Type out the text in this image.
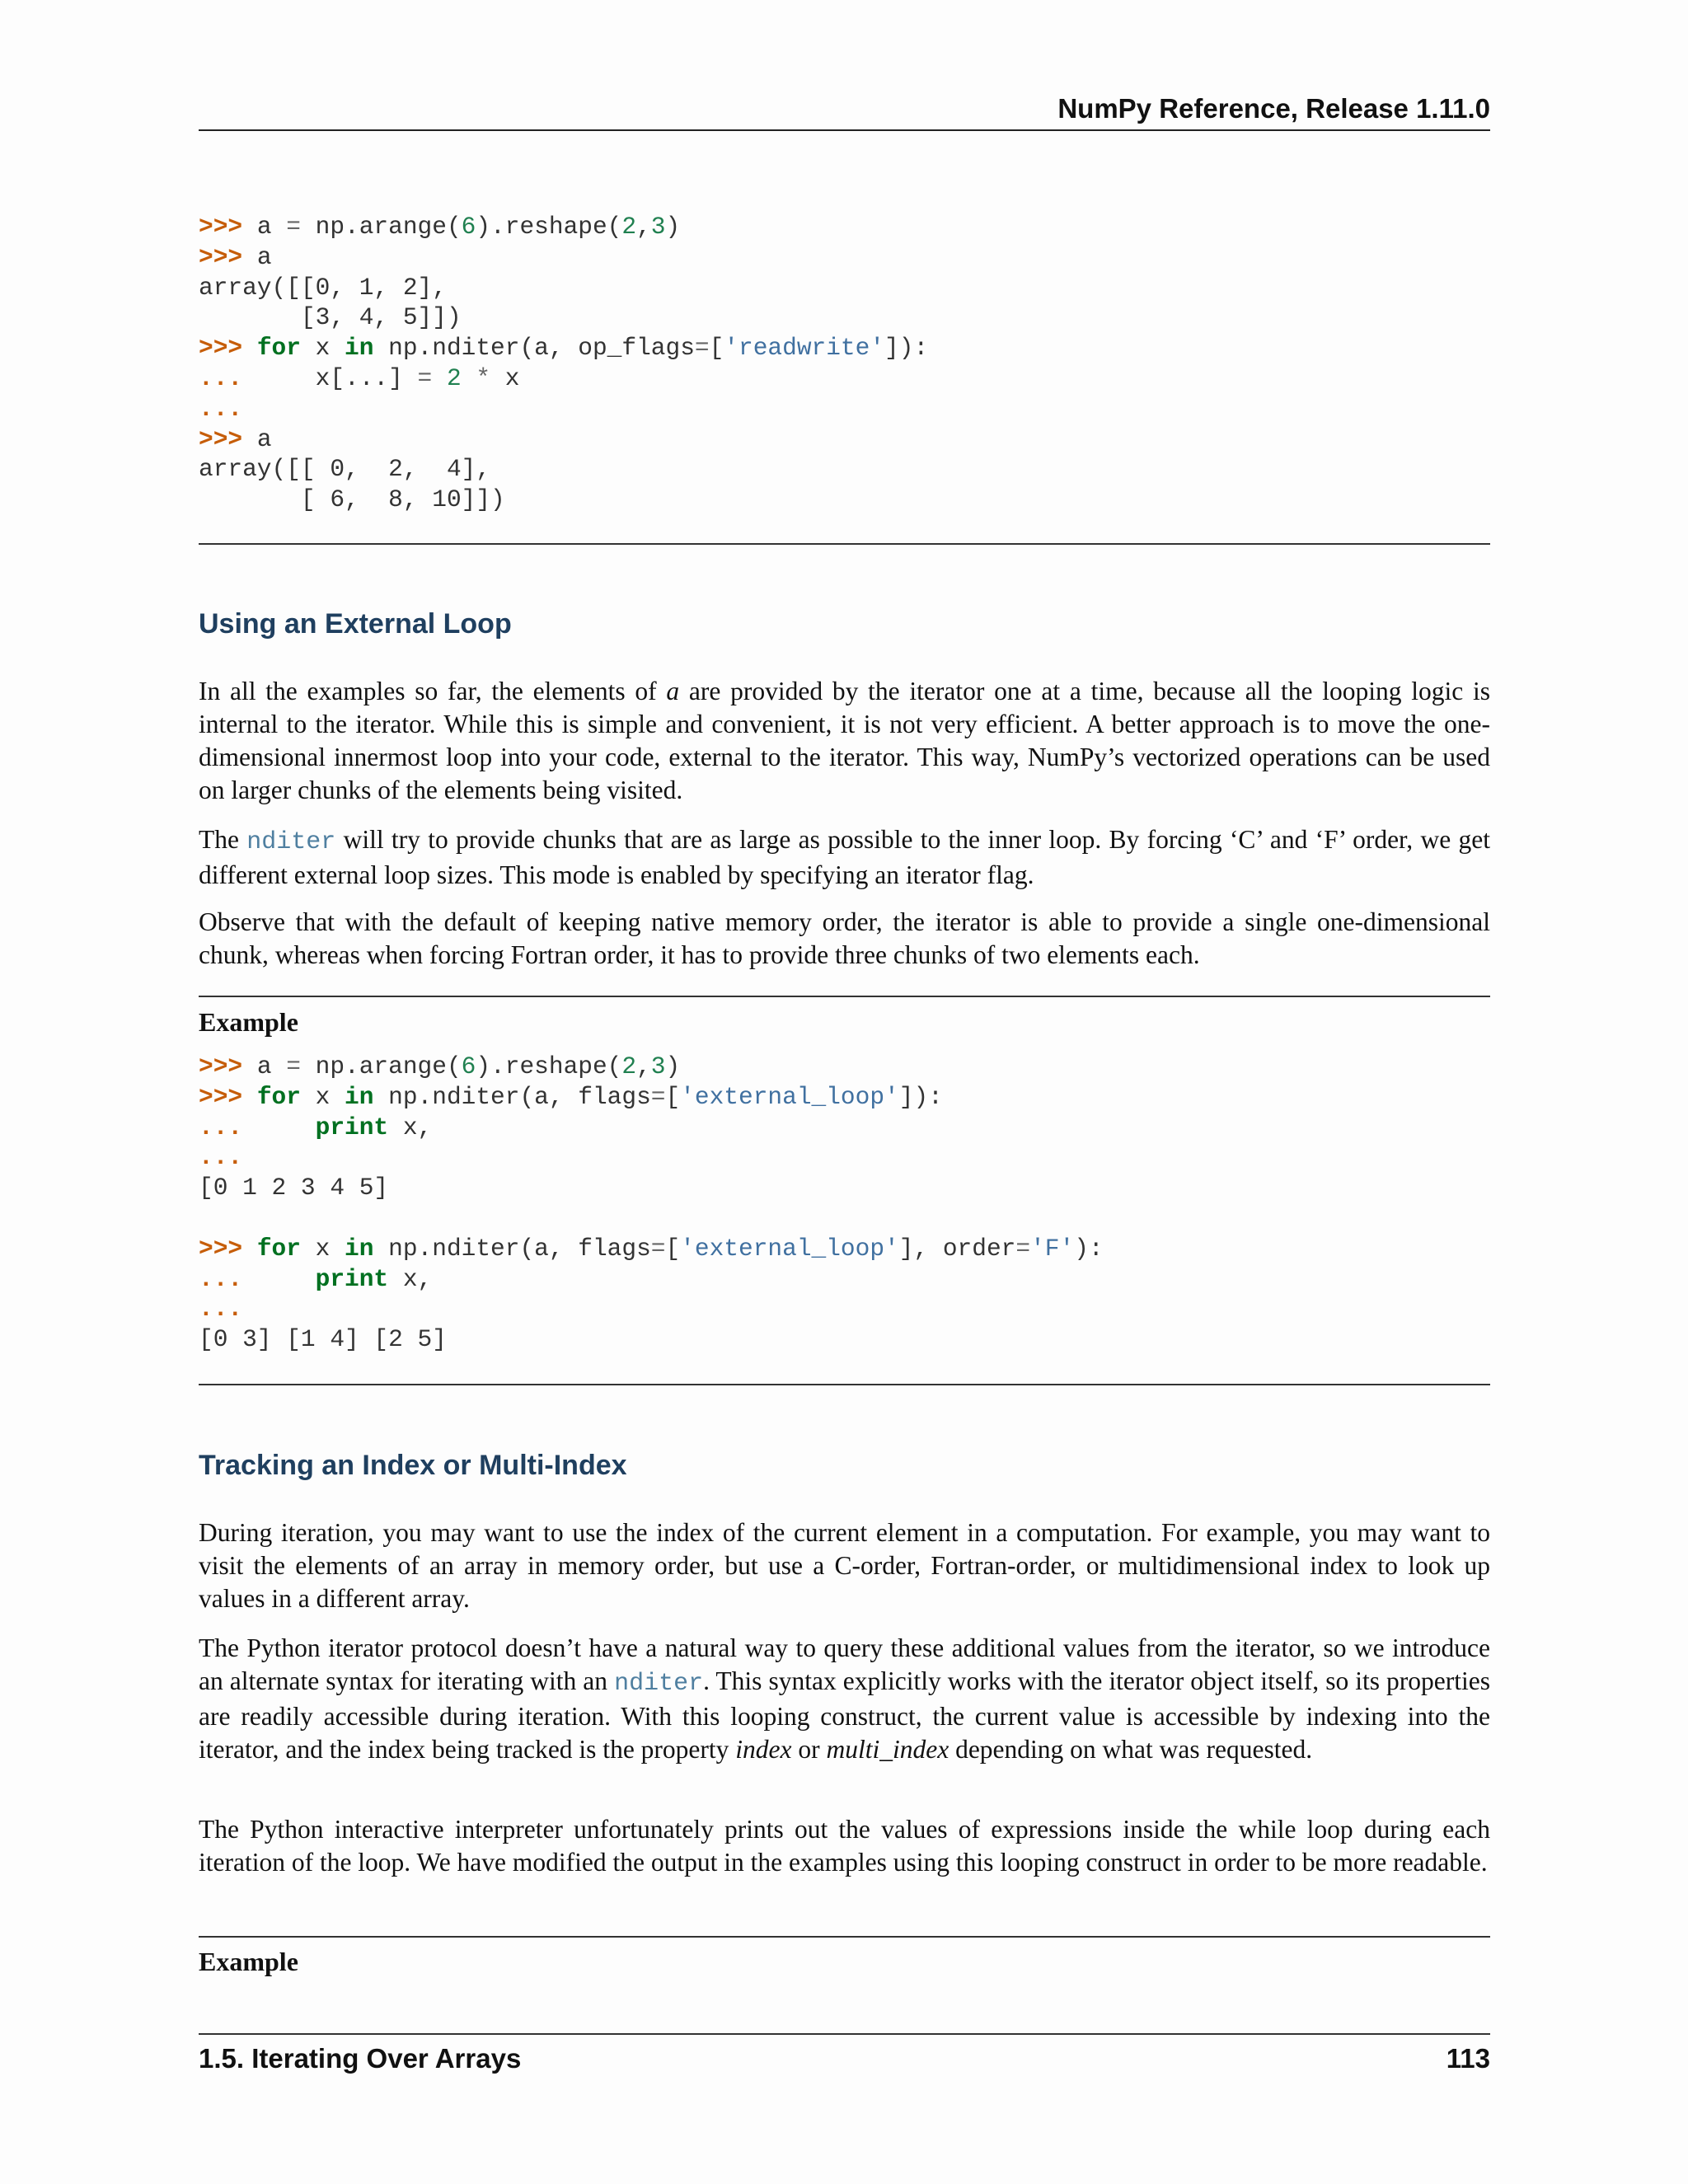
NumPy Reference, Release 1.11.0
>>> a = np.arange(6).reshape(2,3)
>>> a
array([[0, 1, 2],
[3, 4, 5]])
>>> for x in np.nditer(a, op_flags=['readwrite']):
...     x[...] = 2 * x
...
>>> a
array([[ 0,  2,  4],
[ 6,  8, 10]])
Using an External Loop

In all the examples so far, the elements of a are provided by the iterator one at a time, because all the looping logic is internal to the iterator. While this is simple and convenient, it is not very efficient. A better approach is to move the one-dimensional innermost loop into your code, external to the iterator. This way, NumPy’s vectorized operations can be used on larger chunks of the elements being visited.

The nditer will try to provide chunks that are as large as possible to the inner loop. By forcing ‘C’ and ‘F’ order, we get different external loop sizes. This mode is enabled by specifying an iterator flag.

Observe that with the default of keeping native memory order, the iterator is able to provide a single one-dimensional chunk, whereas when forcing Fortran order, it has to provide three chunks of two elements each.

Example
>>> a = np.arange(6).reshape(2,3)
>>> for x in np.nditer(a, flags=['external_loop']):
...     print x,
...
[0 1 2 3 4 5]

>>> for x in np.nditer(a, flags=['external_loop'], order='F'):
...     print x,
...
[0 3] [1 4] [2 5]
Tracking an Index or Multi-Index

During iteration, you may want to use the index of the current element in a computation. For example, you may want to visit the elements of an array in memory order, but use a C-order, Fortran-order, or multidimensional index to look up values in a different array.

The Python iterator protocol doesn’t have a natural way to query these additional values from the iterator, so we introduce an alternate syntax for iterating with an nditer. This syntax explicitly works with the iterator object itself, so its properties are readily accessible during iteration. With this looping construct, the current value is accessible by indexing into the iterator, and the index being tracked is the property index or multi_index depending on what was requested.

The Python interactive interpreter unfortunately prints out the values of expressions inside the while loop during each iteration of the loop. We have modified the output in the examples using this looping construct in order to be more readable.

Example
1.5. Iterating Over Arrays	113
